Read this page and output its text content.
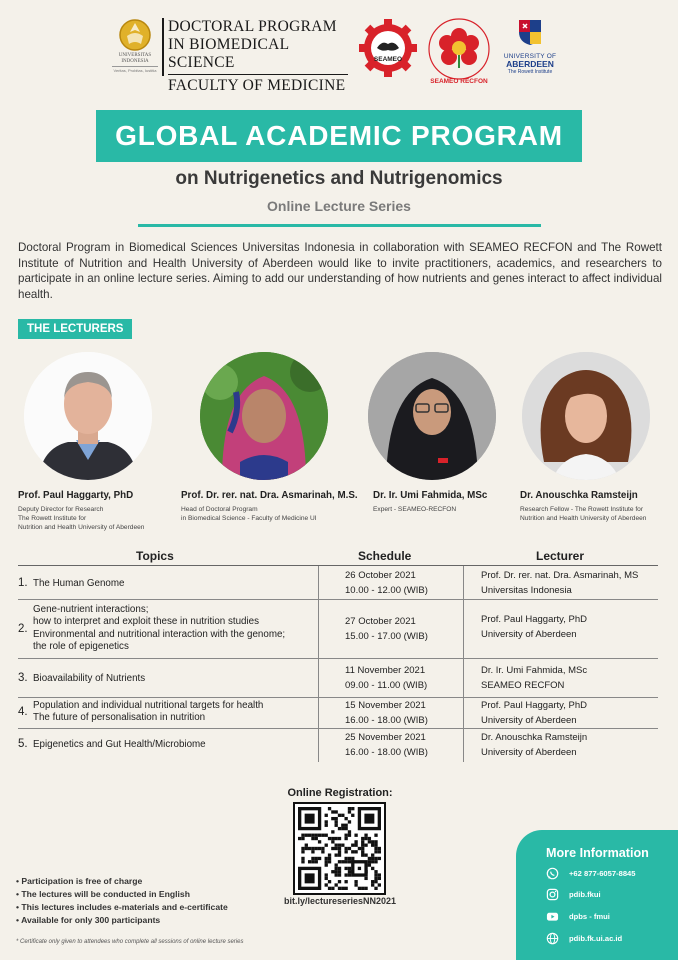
UNIVERSITAS INDONESIA
Veritas, Probitas, Iustitia
DOCTORAL PROGRAM
IN BIOMEDICAL SCIENCE
FACULTY OF MEDICINE
SEAMEO
SEAMEO RECFON
UNIVERSITY OF
ABERDEEN
The Rowett Institute
GLOBAL ACADEMIC PROGRAM
on Nutrigenetics and Nutrigenomics
Online Lecture Series

Doctoral Program in Biomedical Sciences Universitas Indonesia in collaboration with SEAMEO RECFON and The Rowett Institute of Nutrition and Health University of Aberdeen would like to invite practitioners, academics, and researchers to participate in an online lecture series. Aiming to add our understanding of how nutrients and genes interact to affect individual health.

THE LECTURERS
Prof. Paul Haggarty, PhD
Deputy Director for Research
The Rowett Institute for
Nutrition and Health University of Aberdeen
Prof. Dr. rer. nat. Dra. Asmarinah, M.S.
Head of Doctoral Program
in Biomedical Science - Faculty of Medicine UI
Dr. Ir. Umi Fahmida, MSc
Expert - SEAMEO-RECFON
Dr. Anouschka Ramsteijn
Research Fellow - The Rowett Institute for
Nutrition and Health University of Aberdeen
Topics	Schedule	Lecturer
1. The Human Genome
26 October 2021
10.00 - 12.00 (WIB)
Prof. Dr. rer. nat. Dra. Asmarinah, MS
Universitas Indonesia
2.
Gene-nutrient interactions;
how to interpret and exploit these in nutrition studies
Environmental and nutritional interaction with the genome;
the role of epigenetics
27 October 2021
15.00 - 17.00 (WIB)
Prof. Paul Haggarty, PhD
University of Aberdeen
3. Bioavailability of Nutrients
11 November 2021
09.00 - 11.00 (WIB)
Dr. Ir. Umi Fahmida, MSc
SEAMEO RECFON
4.
Population and individual nutritional targets for health
The future of personalisation in nutrition
15 November 2021
16.00 - 18.00 (WIB)
Prof. Paul Haggarty, PhD
University of Aberdeen
5. Epigenetics and Gut Health/Microbiome
25 November 2021
16.00 - 18.00 (WIB)
Dr. Anouschka Ramsteijn
University of Aberdeen
Online Registration:
bit.ly/lectureseriesNN2021
• Participation is free of charge
• The lectures will be conducted in English
• This lectures includes e-materials and e-certificate
• Available for only 300 participants
* Certificate only given to attendees who complete all sessions of online lecture series
More Information
+62 877-6057-8845
pdib.fkui
dpbs - fmui
pdib.fk.ui.ac.id
